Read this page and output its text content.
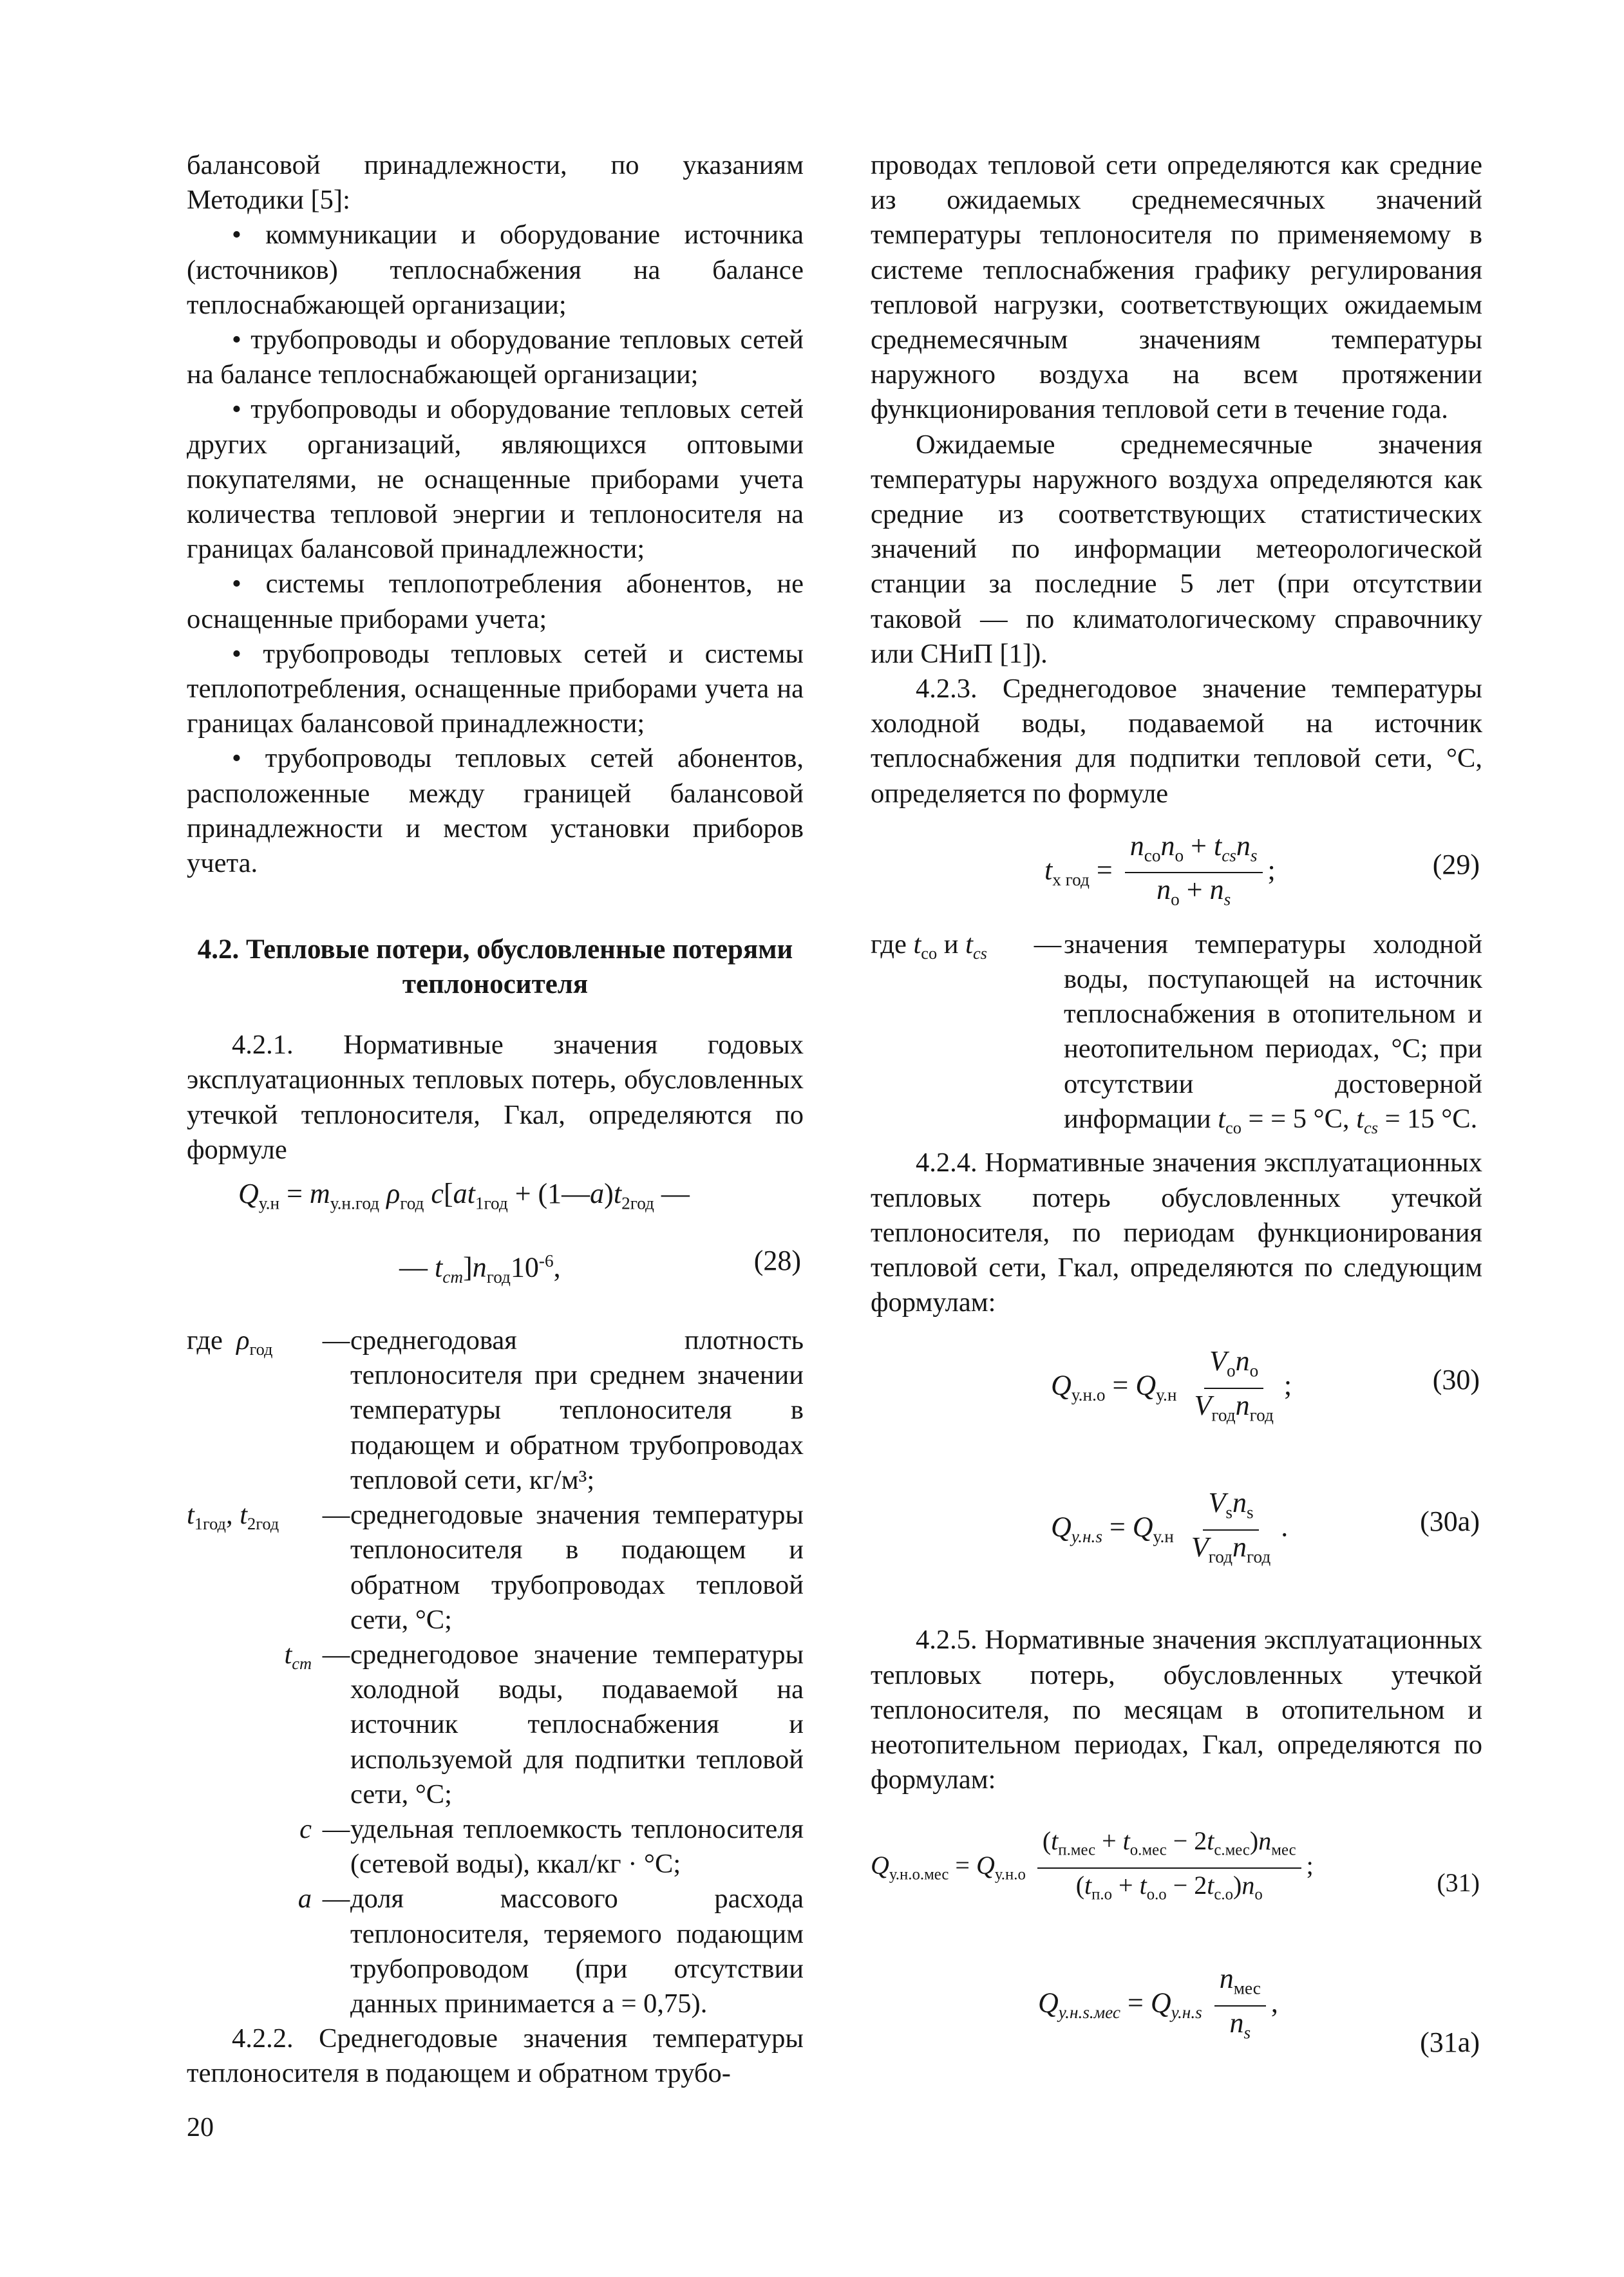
балансовой принадлежности, по указаниям Методики [5]:

• коммуникации и оборудование источника (источников) теплоснабжения на балансе теплоснабжающей организации;

• трубопроводы и оборудование тепловых сетей на балансе теплоснабжающей организации;

• трубопроводы и оборудование тепловых сетей других организаций, являющихся оптовыми покупателями, не оснащенные приборами учета количества тепловой энергии и теплоносителя на границах балансовой принадлежности;

• системы теплопотребления абонентов, не оснащенные приборами учета;

• трубопроводы тепловых сетей и системы теплопотребления, оснащенные приборами учета на границах балансовой принадлежности;

• трубопроводы тепловых сетей абонентов, расположенные между границей балансовой принадлежности и местом установки приборов учета.

4.2. Тепловые потери, обусловленные потерями теплоносителя

4.2.1. Нормативные значения годовых эксплуатационных тепловых потерь, обусловленных утечкой теплоносителя, Гкал, определяются по формуле

$Q_{у.н} = m_{у.н.год}$ $\rho_{год}$ $c[at_{1год}$ + $(1—a)t_{2год}$ —
— $t_{cm}]n_{год}10^{-6}$,	(28)
где $\rho_{год}$	— среднегодовая плотность теплоносителя при среднем значении температуры теплоносителя в подающем и обратном трубопроводах тепловой сети, кг/м³;
$t_{1год}$, $t_{2год}$	— среднегодовые значения температуры теплоносителя в подающем и обратном трубопроводах тепловой сети, °С;
$t_{cm}$ — среднегодовое значение температуры холодной воды, подаваемой на источник теплоснабжения и используемой для подпитки тепловой сети, °С;
c — удельная теплоемкость теплоносителя (сетевой воды), ккал/кг · °С;
a — доля массового расхода теплоносителя, теряемого подающим трубопроводом (при отсутствии данных принимается a = 0,75).

4.2.2. Среднегодовые значения температуры теплоносителя в подающем и обратном трубо-

проводах тепловой сети определяются как средние из ожидаемых среднемесячных значений температуры теплоносителя по применяемому в системе теплоснабжения графику регулирования тепловой нагрузки, соответствующих ожидаемым среднемесячным значениям температуры наружного воздуха на всем протяжении функционирования тепловой сети в течение года.

Ожидаемые среднемесячные значения температуры наружного воздуха определяются как средние из соответствующих статистических значений по информации метеорологической станции за последние 5 лет (при отсутствии таковой — по климатологическому справочнику или СНиП [1]).

4.2.3. Среднегодовое значение температуры холодной воды, подаваемой на источник теплоснабжения для подпитки тепловой сети, °С, определяется по формуле

$t_{х год} = \frac{n_{со}n_о + t_{cs}n_s}{n_о + n_s}$ ;	(29)
где $t_{со}$ и $t_{cs}$	— значения температуры холодной воды, поступающей на источник теплоснабжения в отопительном и неотопительном периодах, °С; при отсутствии достоверной информации $t_{со}$ = = 5 °С, $t_{cs} = 15$ °С.

4.2.4. Нормативные значения эксплуатационных тепловых потерь обусловленных утечкой теплоносителя, по периодам функционирования тепловой сети, Гкал, определяются по следующим формулам:

$Q_{у.н.о} = Q_{у.н} \frac{V_оn_о}{V_{год}n_{год}}$ ;	(30)
$Q_{у.н.s} = Q_{у.н} \frac{V_sn_s}{V_{год}n_{год}}$ .	(30а)

4.2.5. Нормативные значения эксплуатационных тепловых потерь, обусловленных утечкой теплоносителя, по месяцам в отопительном и неотопительном периодах, Гкал, определяются по формулам:

$Q_{у.н.о.мес} = Q_{у.н.о} \frac{(t_{п.мес} + t_{о.мес} - 2t_{с.мес})n_{мес}}{(t_{п.о} + t_{о.о} - 2t_{с.о})n_о}$ ;
(31)
$Q_{у.н.s.мес} = Q_{у.н.s} \frac{n_{мес}}{n_s}$ ,
(31а)
20
